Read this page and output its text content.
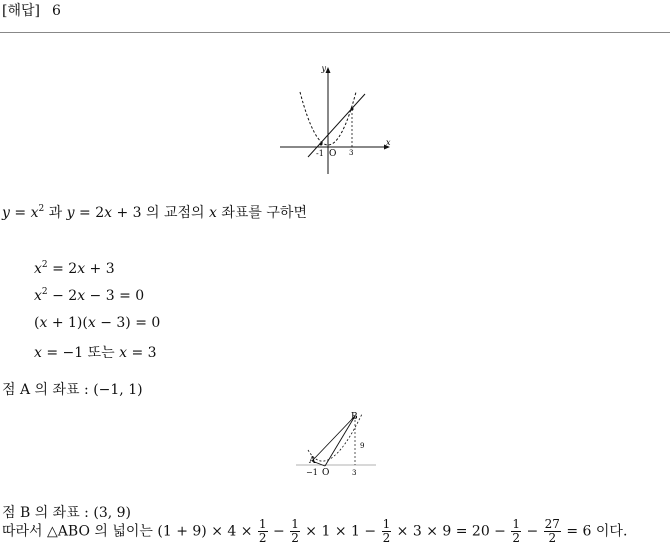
[해답] 6
y
x
-1 O 3
$y = x^2$ 과 y = 2x + 3 의 교점의 x 좌표를 구하면
$x^2 = 2x + 3$
$x^2 - 2x - 3 = 0$
(x + 1)(x − 3) = 0
x = −1 또는 x = 3
점 A 의 좌표 : (−1, 1)
B
A
9
−1 O	3
점 B 의 좌표 : (3, 9)
따라서 △ABO 의 넓이는 $(1 + 9) \times 4 \times \frac{1}{2} - \frac{1}{2} \times 1 \times 1 - \frac{1}{2} \times 3 \times 9 = 20 - \frac{1}{2} - \frac{27}{2} = 6$ 이다.
